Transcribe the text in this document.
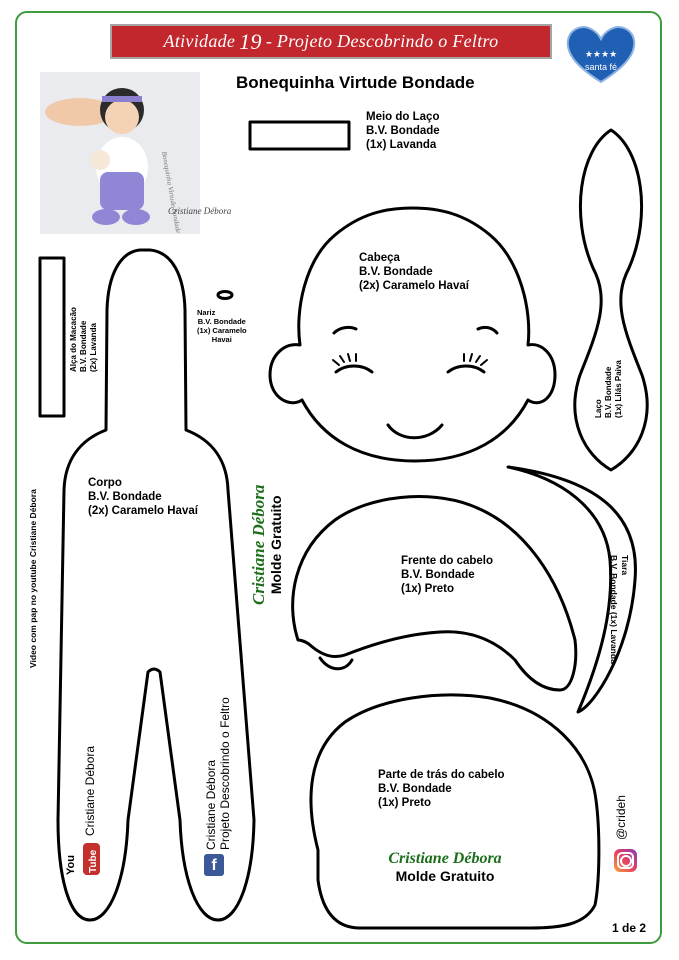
Atividade 19 - Projeto Descobrindo o Feltro
★★★★
santa fé
Bonequinha Virtude Bondade
Bonequinha Virtude Bondade
Cristiane Débora
Meio do Laço
B.V. Bondade
(1x) Lavanda
Cabeça
B.V. Bondade
(2x) Caramelo Havaí
Nariz
B.V. Bondade
(1x) Caramelo
Havai
Alça do Macacão B.V. Bondade (2x) Lavanda
Corpo
B.V. Bondade
(2x) Caramelo Havaí
Laço B.V. Bondade (1x) Lilás Paiva
Tiara
B.V. Bondade (1x) Lavanda
Frente do cabelo
B.V. Bondade
(1x) Preto
Parte de trás do cabelo
B.V. Bondade
(1x) Preto
Cristiane Débora Molde Gratuito
Video com pap no youtube Cristiane Débora
Cristiane Débora
You Tube
Cristiane Débora Projeto Descobrindo o Feltro
f	Cristiane Débora
Molde Gratuito
@crideh
1 de 2
